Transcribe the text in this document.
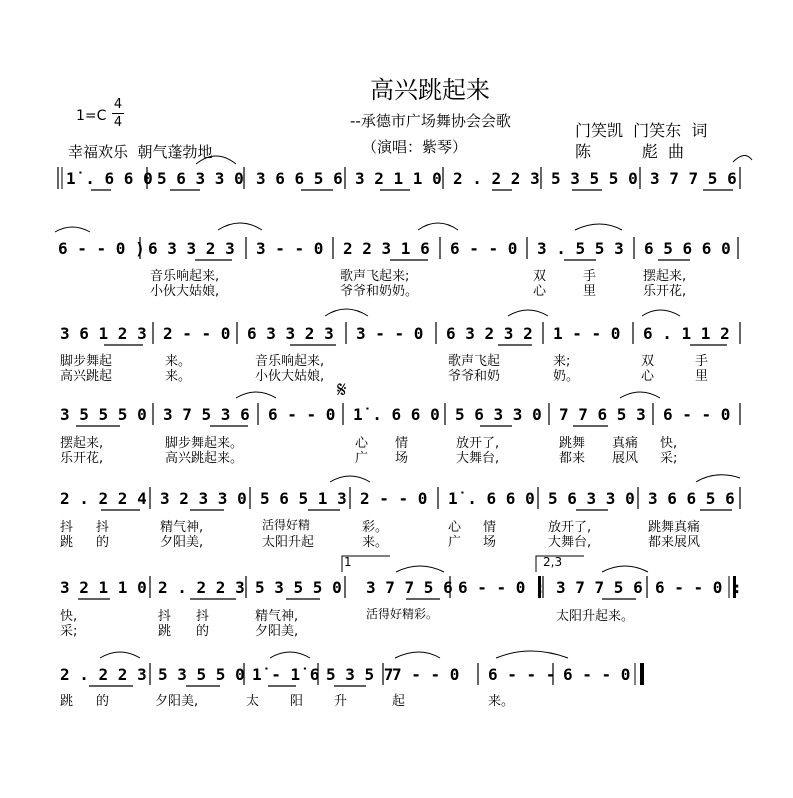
高兴跳起来
--承德市广场舞协会会歌
（演唱：紫琴）
门笑凯  门笑东  词
陈          彪  曲
1=C
4
4
幸福欢乐  朝气蓬勃地
𝄋
1	2,3
1̇ . 6 6 0 5 6 3 3 0 3 6 6 5 6 3 2 1 1 0 2 . 2 2 3 5 3 5 5 0 3 7 7 5 6
6 - - 0 ) 6 3 3 2 3 3 - - 0 2 2 3 1 6 6 - - 0 3 . 5 5 3 6 5 6 6 0
音乐响起来,	歌声飞起来;	双	手	摆起来,
小伙大姑娘,	爷爷和奶奶。	心	里	乐开花,
3 6 1 2 3 2 - - 0 6 3 3 2 3 3 - - 0 6 3 2 3 2 1 - - 0 6 . 1 1 2
脚步舞起	来。	音乐响起来,	歌声飞起	来;	双	手
高兴跳起	来。	小伙大姑娘,	爷爷和奶	奶。	心	里
3 5 5 5 0 3 7 5 3 6 6 - - 0 1̇ . 6 6 0 5 6 3 3 0 7 7 6 5 3 6 - - 0
摆起来,	脚步舞起来。	心 情	放开了,	跳舞 真痛 快,
乐开花,	高兴跳起来。	广 场	大舞台,	都来 展风 采;
2 . 2 2 4 3 2 3 3 0 5 6 5 1 3 2 - - 0 1̇ . 6 6 0 5 6 3 3 0 3 6 6 5 6
抖 抖	精气神,	活得好精	彩。	心 情	放开了,	跳舞真痛
跳 的	夕阳美,	太阳升起	来。	广 场	大舞台,	都来展风
3 2 1 1 0 2 . 2 2 3 5 3 5 5 0 3 7 7 5 6 6 - - 0 : 3 7 7 5 6 6 - - 0 :
快,	抖 抖	精气神,	活得好精彩。	太阳升起来。
采;	跳 的	夕阳美,
2 . 2 2 3 5 3 5 5 0 1̇ - 1̇ 6 5 3 5 7
7 - - 0 6 - - - 6 - - 0
跳 的	夕阳美,	太 阳 升	起	来。
